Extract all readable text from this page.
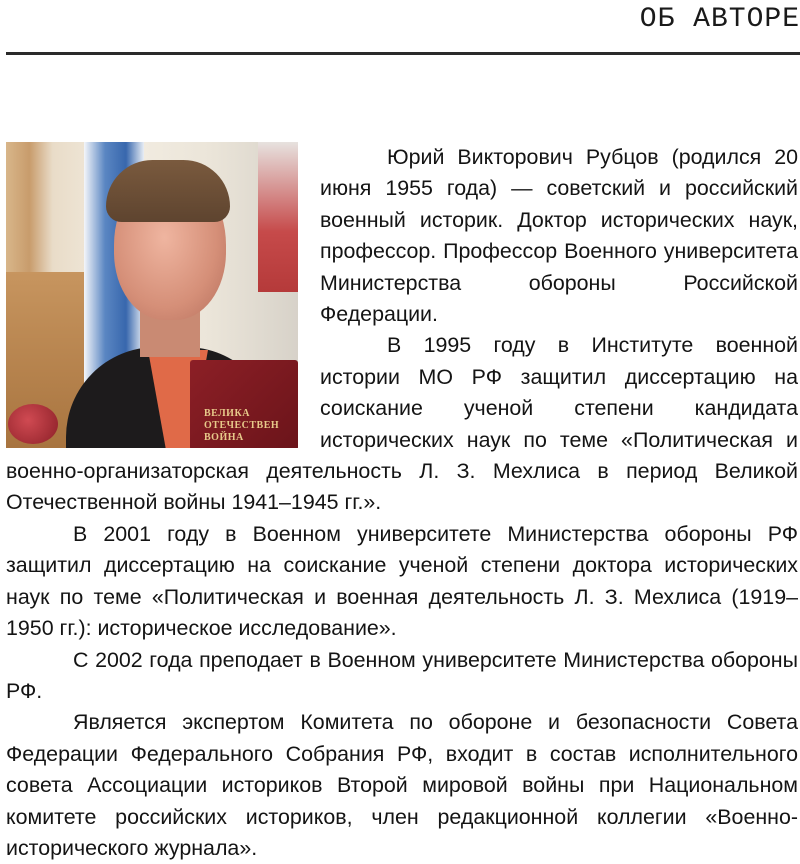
ОБ АВТОРЕ
ВЕЛИКА
ОТЕЧЕСТВЕН
ВОЙНА

Юрий Викторович Рубцов (родился 20 июня 1955 года) — советский и российский военный историк. Доктор исторических наук, профессор. Профессор Военного университета Министерства обороны Российской Федерации.

В 1995 году в Институте военной истории МО РФ защитил диссертацию на соискание ученой степени кандидата исторических наук по теме «Политическая и военно-организаторская деятельность Л. З. Мехлиса в период Великой Отечественной войны 1941–1945 гг.».

В 2001 году в Военном университете Министерства обороны РФ защитил диссертацию на соискание ученой степени доктора исторических наук по теме «Политическая и военная деятельность Л. З. Мехлиса (1919–1950 гг.): историческое исследование».

С 2002 года преподает в Военном университете Министерства обороны РФ.

Является экспертом Комитета по обороне и безопасности Совета Федерации Федерального Собрания РФ, входит в состав исполнительного совета Ассоциации историков Второй мировой войны при Национальном комитете российских историков, член редакционной коллегии «Военно-исторического журнала».
